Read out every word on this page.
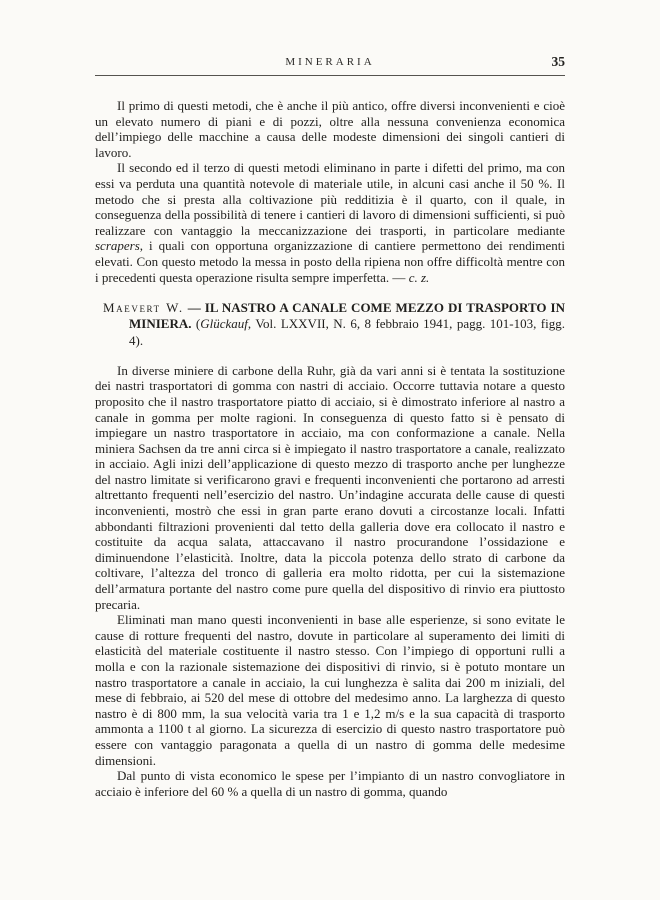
MINERARIA	35

Il primo di questi metodi, che è anche il più antico, offre diversi inconvenienti e cioè un elevato numero di piani e di pozzi, oltre alla nessuna convenienza economica dell’impiego delle macchine a causa delle modeste dimensioni dei singoli cantieri di lavoro.

Il secondo ed il terzo di questi metodi eliminano in parte i difetti del primo, ma con essi va perduta una quantità notevole di materiale utile, in alcuni casi anche il 50 %. Il metodo che si presta alla coltivazione più redditizia è il quarto, con il quale, in conseguenza della possibilità di tenere i cantieri di lavoro di dimensioni sufficienti, si può realizzare con vantaggio la meccanizzazione dei trasporti, in particolare mediante scrapers, i quali con opportuna organizzazione di cantiere permettono dei rendimenti elevati. Con questo metodo la messa in posto della ripiena non offre difficoltà mentre con i precedenti questa operazione risulta sempre imperfetta. — c. z.

Maevert W. — IL NASTRO A CANALE COME MEZZO DI TRASPORTO IN MINIERA. (Glückauf, Vol. LXXVII, N. 6, 8 febbraio 1941, pagg. 101-103, figg. 4).

In diverse miniere di carbone della Ruhr, già da vari anni si è tentata la sostituzione dei nastri trasportatori di gomma con nastri di acciaio. Occorre tuttavia notare a questo proposito che il nastro trasportatore piatto di acciaio, si è dimostrato inferiore al nastro a canale in gomma per molte ragioni. In conseguenza di questo fatto si è pensato di impiegare un nastro trasportatore in acciaio, ma con conformazione a canale. Nella miniera Sachsen da tre anni circa si è impiegato il nastro trasportatore a canale, realizzato in acciaio. Agli inizi dell’applicazione di questo mezzo di trasporto anche per lunghezze del nastro limitate si verificarono gravi e frequenti inconvenienti che portarono ad arresti altrettanto frequenti nell’esercizio del nastro. Un’indagine accurata delle cause di questi inconvenienti, mostrò che essi in gran parte erano dovuti a circostanze locali. Infatti abbondanti filtrazioni provenienti dal tetto della galleria dove era collocato il nastro e costituite da acqua salata, attaccavano il nastro procurandone l’ossidazione e diminuendone l’elasticità. Inoltre, data la piccola potenza dello strato di carbone da coltivare, l’altezza del tronco di galleria era molto ridotta, per cui la sistemazione dell’armatura portante del nastro come pure quella del dispositivo di rinvio era piuttosto precaria.

Eliminati man mano questi inconvenienti in base alle esperienze, si sono evitate le cause di rotture frequenti del nastro, dovute in particolare al superamento dei limiti di elasticità del materiale costituente il nastro stesso. Con l’impiego di opportuni rulli a molla e con la razionale sistemazione dei dispositivi di rinvio, si è potuto montare un nastro trasportatore a canale in acciaio, la cui lunghezza è salita dai 200 m iniziali, del mese di febbraio, ai 520 del mese di ottobre del medesimo anno. La larghezza di questo nastro è di 800 mm, la sua velocità varia tra 1 e 1,2 m/s e la sua capacità di trasporto ammonta a 1100 t al giorno. La sicurezza di esercizio di questo nastro trasportatore può essere con vantaggio paragonata a quella di un nastro di gomma delle medesime dimensioni.

Dal punto di vista economico le spese per l’impianto di un nastro convogliatore in acciaio è inferiore del 60 % a quella di un nastro di gomma, quando
